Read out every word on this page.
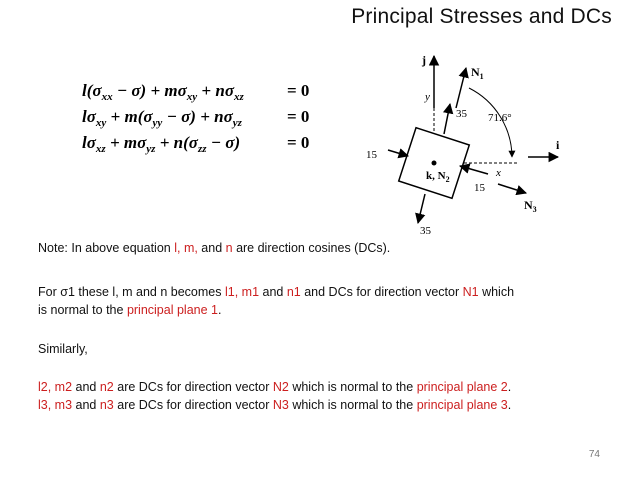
Principal Stresses and DCs
$l(\sigma_{xx} - \sigma) + m\sigma_{xy} + n\sigma_{xz}$	= 0
$l\sigma_{xy} + m(\sigma_{yy} - \sigma) + n\sigma_{yz}$	= 0
$l\sigma_{xz} + m\sigma_{yz} + n(\sigma_{zz} - \sigma)$	= 0
j
y
x
i
$N_1$
71.6°
35
35
15
15
$N_3$
k, $N_2$
Note: In above equation l, m, and n are direction cosines (DCs).
For σ1 these l, m and n becomes l1, m1 and n1 and DCs for direction vector N1 which
is normal to the principal plane 1.
Similarly,
l2, m2 and n2 are DCs for direction vector N2 which is normal to the principal plane 2.
l3, m3 and n3 are DCs for direction vector N3 which is normal to the principal plane 3.
74
